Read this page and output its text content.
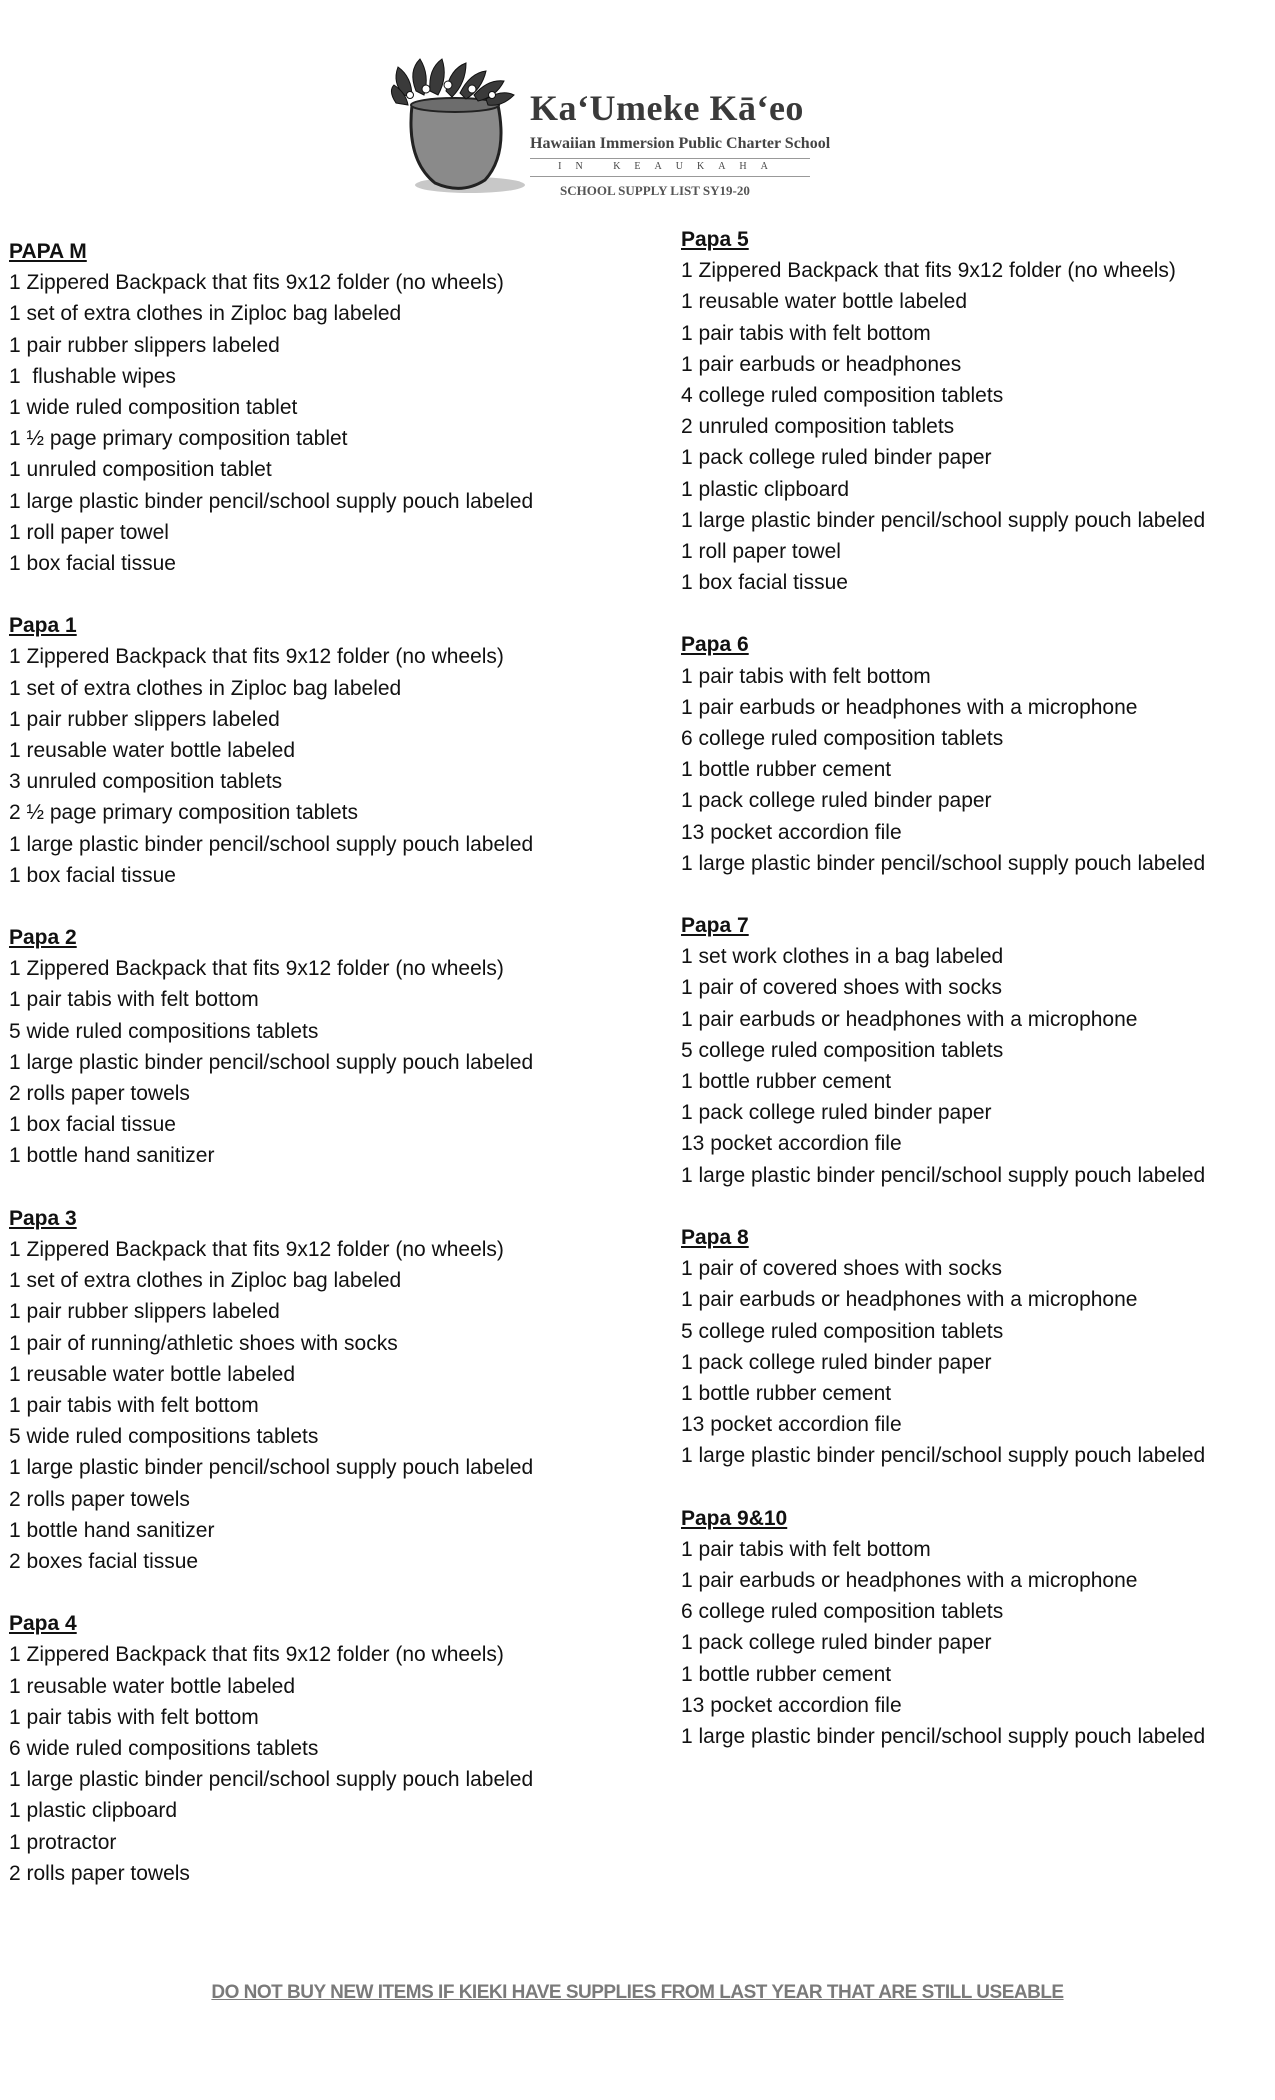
Ka‘Umeke Kā‘eo
Hawaiian Immersion Public Charter School
IN KEAUKAHA
SCHOOL SUPPLY LIST SY19-20
PAPA M
1 Zippered Backpack that fits 9x12 folder (no wheels)
1 set of extra clothes in Ziploc bag labeled
1 pair rubber slippers labeled
1  flushable wipes
1 wide ruled composition tablet
1 ½ page primary composition tablet
1 unruled composition tablet
1 large plastic binder pencil/school supply pouch labeled
1 roll paper towel
1 box facial tissue
Papa 1
1 Zippered Backpack that fits 9x12 folder (no wheels)
1 set of extra clothes in Ziploc bag labeled
1 pair rubber slippers labeled
1 reusable water bottle labeled
3 unruled composition tablets
2 ½ page primary composition tablets
1 large plastic binder pencil/school supply pouch labeled
1 box facial tissue
Papa 2
1 Zippered Backpack that fits 9x12 folder (no wheels)
1 pair tabis with felt bottom
5 wide ruled compositions tablets
1 large plastic binder pencil/school supply pouch labeled
2 rolls paper towels
1 box facial tissue
1 bottle hand sanitizer
Papa 3
1 Zippered Backpack that fits 9x12 folder (no wheels)
1 set of extra clothes in Ziploc bag labeled
1 pair rubber slippers labeled
1 pair of running/athletic shoes with socks
1 reusable water bottle labeled
1 pair tabis with felt bottom
5 wide ruled compositions tablets
1 large plastic binder pencil/school supply pouch labeled
2 rolls paper towels
1 bottle hand sanitizer
2 boxes facial tissue
Papa 4
1 Zippered Backpack that fits 9x12 folder (no wheels)
1 reusable water bottle labeled
1 pair tabis with felt bottom
6 wide ruled compositions tablets
1 large plastic binder pencil/school supply pouch labeled
1 plastic clipboard
1 protractor
2 rolls paper towels
Papa 5
1 Zippered Backpack that fits 9x12 folder (no wheels)
1 reusable water bottle labeled
1 pair tabis with felt bottom
1 pair earbuds or headphones
4 college ruled composition tablets
2 unruled composition tablets
1 pack college ruled binder paper
1 plastic clipboard
1 large plastic binder pencil/school supply pouch labeled
1 roll paper towel
1 box facial tissue
Papa 6
1 pair tabis with felt bottom
1 pair earbuds or headphones with a microphone
6 college ruled composition tablets
1 bottle rubber cement
1 pack college ruled binder paper
13 pocket accordion file
1 large plastic binder pencil/school supply pouch labeled
Papa 7
1 set work clothes in a bag labeled
1 pair of covered shoes with socks
1 pair earbuds or headphones with a microphone
5 college ruled composition tablets
1 bottle rubber cement
1 pack college ruled binder paper
13 pocket accordion file
1 large plastic binder pencil/school supply pouch labeled
Papa 8
1 pair of covered shoes with socks
1 pair earbuds or headphones with a microphone
5 college ruled composition tablets
1 pack college ruled binder paper
1 bottle rubber cement
13 pocket accordion file
1 large plastic binder pencil/school supply pouch labeled
Papa 9&10
1 pair tabis with felt bottom
1 pair earbuds or headphones with a microphone
6 college ruled composition tablets
1 pack college ruled binder paper
1 bottle rubber cement
13 pocket accordion file
1 large plastic binder pencil/school supply pouch labeled
DO NOT BUY NEW ITEMS IF KIEKI HAVE SUPPLIES FROM LAST YEAR THAT ARE STILL USEABLE
